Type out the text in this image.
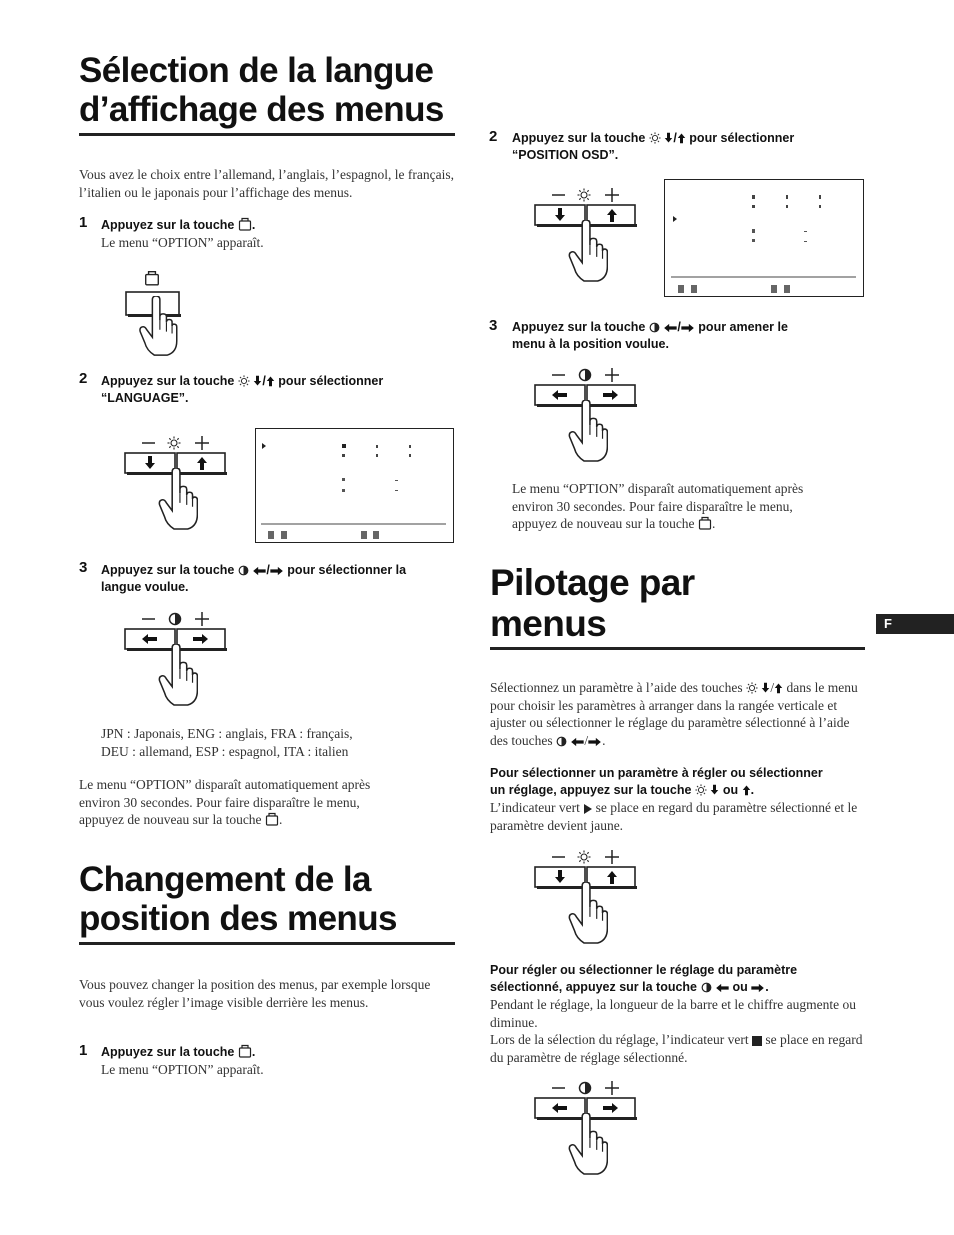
Sélection de la langue
d’affichage des menus
Vous avez le choix entre l’allemand, l’anglais, l’espagnol, le français, l’italien ou le japonais pour l’affichage des menus.
1 Appuyez sur la touche .
Le menu “OPTION” apparaît.
2 Appuyez sur la touche / pour sélectionner
“LANGUAGE”.
3 Appuyez sur la touche	/ pour sélectionner la
langue voulue.
JPN : Japonais, ENG : anglais, FRA : français,
DEU : allemand, ESP : espagnol, ITA : italien
Le menu “OPTION” disparaît automatiquement après
environ 30 secondes. Pour faire disparaître le menu,
appuyez de nouveau sur la touche .
Changement de la
position des menus
Vous pouvez changer la position des menus, par exemple lorsque vous voulez régler l’image visible derrière les menus.
1 Appuyez sur la touche .
Le menu “OPTION” apparaît.
2 Appuyez sur la touche / pour sélectionner
“POSITION OSD”.
3 Appuyez sur la touche	/ pour amener le
menu à la position voulue.
Le menu “OPTION” disparaît automatiquement après
environ 30 secondes. Pour faire disparaître le menu,
appuyez de nouveau sur la touche .
Pilotage par
menus	F
Sélectionnez un paramètre à l’aide des touches / dans le menu pour choisir les paramètres à arranger dans la rangée verticale et ajuster ou sélectionner le réglage du paramètre sélectionné à l’aide des touches / .
Pour sélectionner un paramètre à régler ou sélectionner
un réglage, appuyez sur la touche	ou .
L’indicateur vert se place en regard du paramètre sélectionné et le paramètre devient jaune.
Pour régler ou sélectionner le réglage du paramètre
sélectionné, appuyez sur la touche	ou .
Pendant le réglage, la longueur de la barre et le chiffre augmente ou diminue.
Lors de la sélection du réglage, l’indicateur vert se place en regard du paramètre de réglage sélectionné.
